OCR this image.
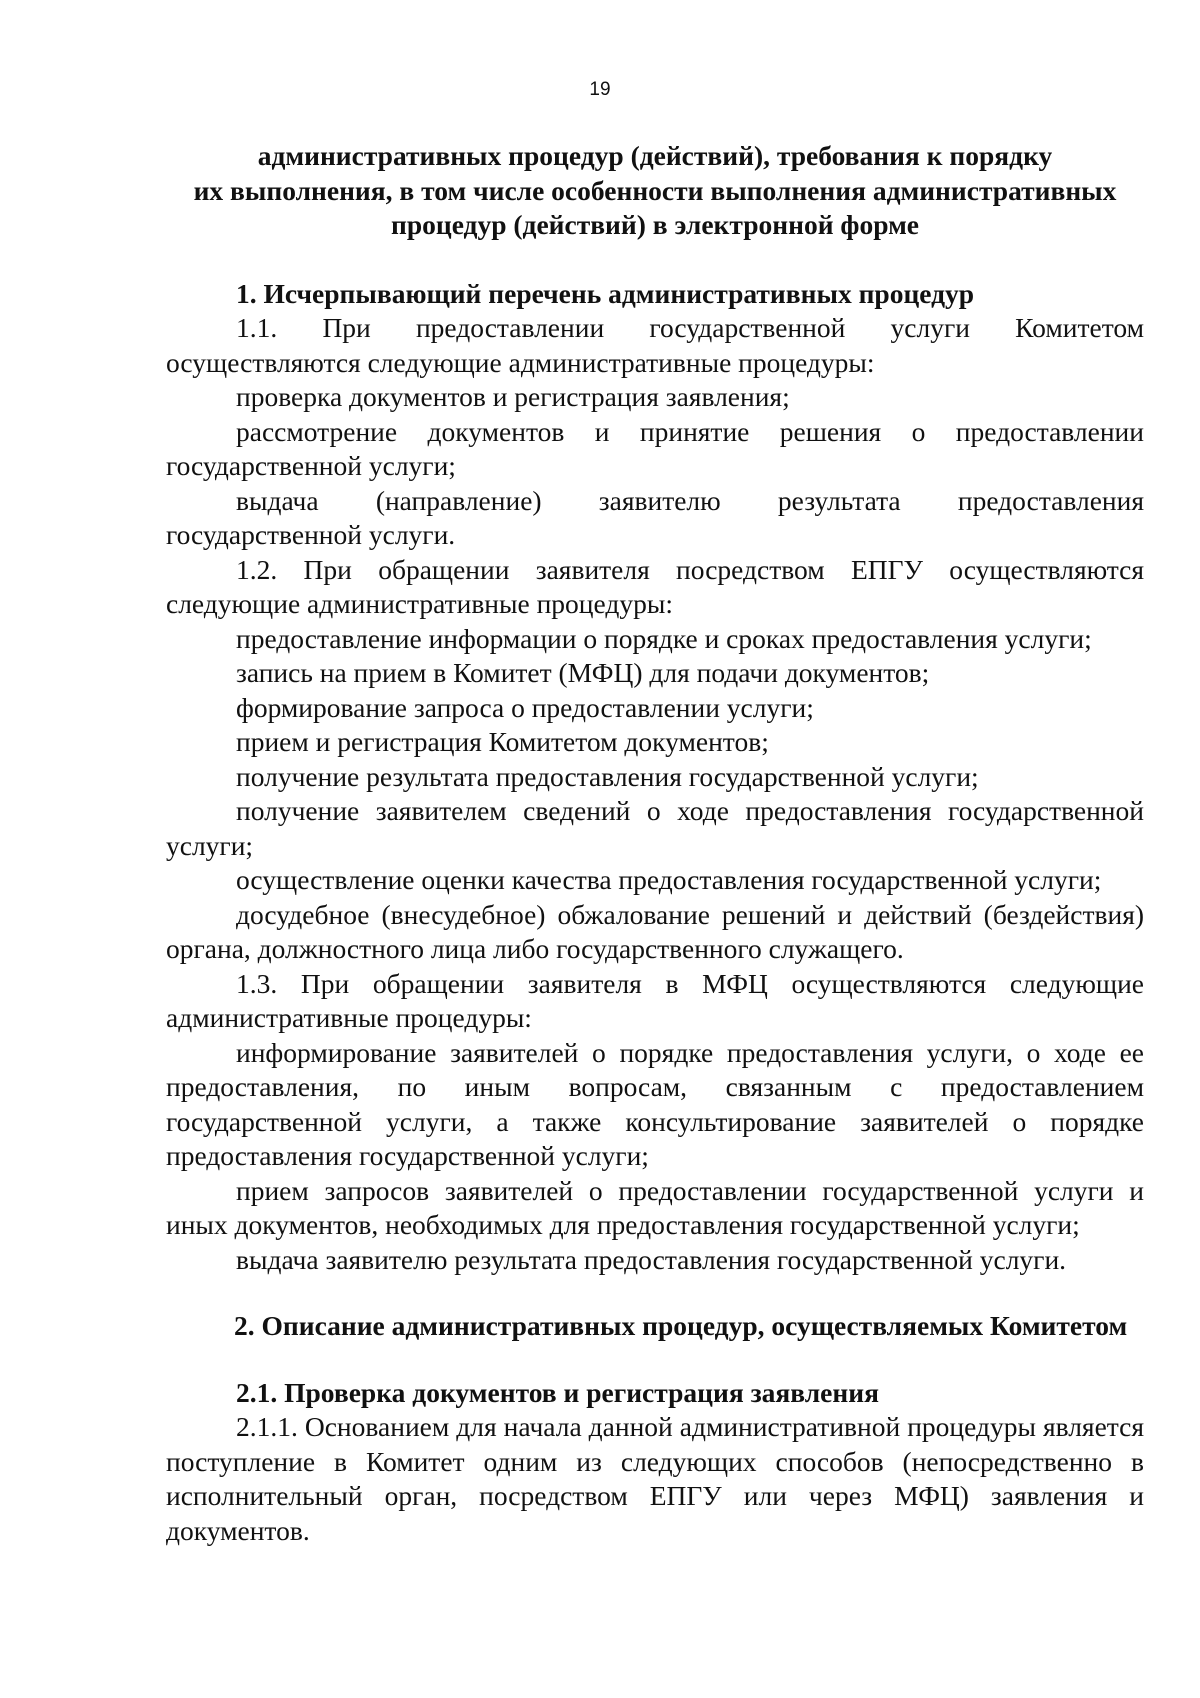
19
административных процедур (действий), требования к порядку
их выполнения, в том числе особенности выполнения административных
процедур (действий) в электронной форме
1. Исчерпывающий перечень административных процедур

1.1. При предоставлении государственной услуги Комитетом осуществляются следующие административные процедуры:

проверка документов и регистрация заявления;

рассмотрение документов и принятие решения о предоставлении государственной услуги;

выдача (направление) заявителю результата предоставления государственной услуги.

1.2. При обращении заявителя посредством ЕПГУ осуществляются следующие административные процедуры:

предоставление информации о порядке и сроках предоставления услуги;

запись на прием в Комитет (МФЦ) для подачи документов;

формирование запроса о предоставлении услуги;

прием и регистрация Комитетом документов;

получение результата предоставления государственной услуги;

получение заявителем сведений о ходе предоставления государственной услуги;

осуществление оценки качества предоставления государственной услуги;

досудебное (внесудебное) обжалование решений и действий (бездействия) органа, должностного лица либо государственного служащего.

1.3. При обращении заявителя в МФЦ осуществляются следующие административные процедуры:

информирование заявителей о порядке предоставления услуги, о ходе ее предоставления, по иным вопросам, связанным с предоставлением государственной услуги, а также консультирование заявителей о порядке предоставления государственной услуги;

прием запросов заявителей о предоставлении государственной услуги и иных документов, необходимых для предоставления государственной услуги;

выдача заявителю результата предоставления государственной услуги.

2. Описание административных процедур, осуществляемых Комитетом
2.1. Проверка документов и регистрация заявления

2.1.1. Основанием для начала данной административной процедуры является поступление в Комитет одним из следующих способов (непосредственно в исполнительный орган, посредством ЕПГУ или через МФЦ) заявления и документов.
